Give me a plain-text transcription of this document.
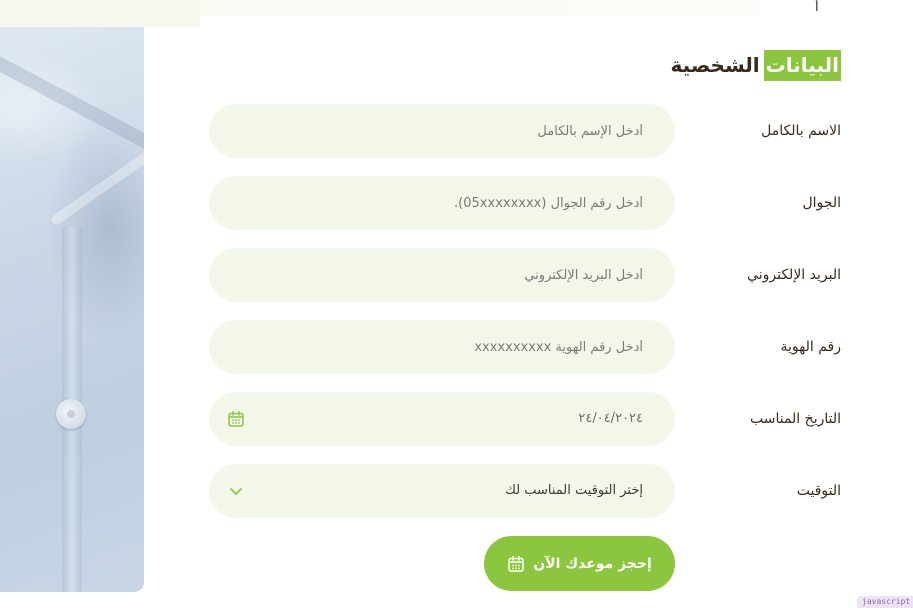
أ
البيانات
الشخصية
الاسم بالكامل
أدخل الإسم بالكامل
الجوال
أدخل رقم الجوال (05xxxxxxxx).
البريد الإلكتروني
أدخل البريد الإلكتروني
رقم الهوية
أدخل رقم الهوية xxxxxxxxxx
التاريخ المناسب
٢٤/٠٤/٢٠٢٤
التوقيت
إختر التوقيت المناسب لك
إحجز موعدك الآن
javascript
